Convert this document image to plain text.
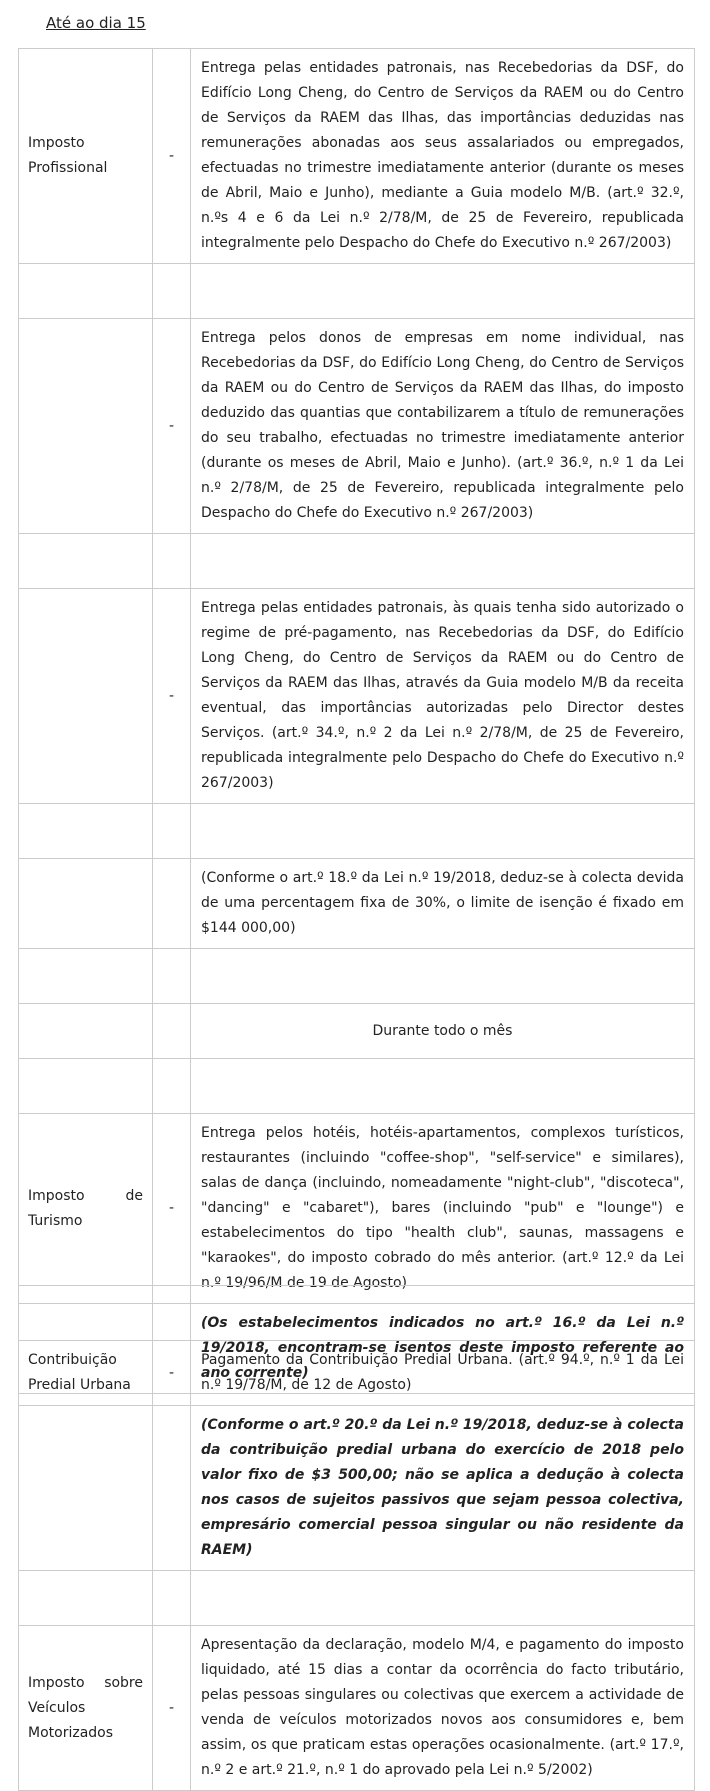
Até ao dia 15
Imposto Profissional	-	Entrega pelas entidades patronais, nas Recebedorias da DSF, do Edifício Long Cheng, do Centro de Serviços da RAEM ou do Centro de Serviços da RAEM das Ilhas, das importâncias deduzidas nas remunerações abonadas aos seus assalariados ou empregados, efectuadas no trimestre imediatamente anterior (durante os meses de Abril, Maio e Junho), mediante a Guia modelo M/B. (art.º 32.º, n.ºs 4 e 6 da Lei n.º 2/78/M, de 25 de Fevereiro, republicada integralmente pelo Despacho do Chefe do Executivo n.º 267/2003)

	-	Entrega pelos donos de empresas em nome individual, nas Recebedorias da DSF, do Edifício Long Cheng, do Centro de Serviços da RAEM ou do Centro de Serviços da RAEM das Ilhas, do imposto deduzido das quantias que contabilizarem a título de remunerações do seu trabalho, efectuadas no trimestre imediatamente anterior (durante os meses de Abril, Maio e Junho). (art.º 36.º, n.º 1 da Lei n.º 2/78/M, de 25 de Fevereiro, republicada integralmente pelo Despacho do Chefe do Executivo n.º 267/2003)

	-	Entrega pelas entidades patronais, às quais tenha sido autorizado o regime de pré-pagamento, nas Recebedorias da DSF, do Edifício Long Cheng, do Centro de Serviços da RAEM ou do Centro de Serviços da RAEM das Ilhas, através da Guia modelo M/B da receita eventual, das importâncias autorizadas pelo Director destes Serviços. (art.º 34.º, n.º 2 da Lei n.º 2/78/M, de 25 de Fevereiro, republicada integralmente pelo Despacho do Chefe do Executivo n.º 267/2003)

		(Conforme o art.º 18.º da Lei n.º 19/2018, deduz-se à colecta devida de uma percentagem fixa de 30%, o limite de isenção é fixado em $144 000,00)

		Durante todo o mês

Imposto de Turismo	-	Entrega pelos hotéis, hotéis-apartamentos, complexos turísticos, restaurantes (incluindo "coffee-shop", "self-service" e similares), salas de dança (incluindo, nomeadamente "night-club", "discoteca", "dancing" e "cabaret"), bares (incluindo "pub" e "lounge") e estabelecimentos do tipo "health club", saunas, massagens e "karaokes", do imposto cobrado do mês anterior. (art.º 12.º da Lei n.º 19/96/M de 19 de Agosto)
		(Os estabelecimentos indicados no art.º 16.º da Lei n.º 19/2018, encontram-se isentos deste imposto referente ao ano corrente)

Contribuição Predial Urbana	-	Pagamento da Contribuição Predial Urbana. (art.º 94.º, n.º 1 da Lei n.º 19/78/M, de 12 de Agosto)
		(Conforme o art.º 20.º da Lei n.º 19/2018, deduz-se à colecta da contribuição predial urbana do exercício de 2018 pelo valor fixo de $3 500,00; não se aplica a dedução à colecta nos casos de sujeitos passivos que sejam pessoa colectiva, empresário comercial pessoa singular ou não residente da RAEM)

Imposto sobre Veículos Motorizados	-	Apresentação da declaração, modelo M/4, e pagamento do imposto liquidado, até 15 dias a contar da ocorrência do facto tributário, pelas pessoas singulares ou colectivas que exercem a actividade de venda de veículos motorizados novos aos consumidores e, bem assim, os que praticam estas operações ocasionalmente. (art.º 17.º, n.º 2 e art.º 21.º, n.º 1 do aprovado pela Lei n.º 5/2002)
